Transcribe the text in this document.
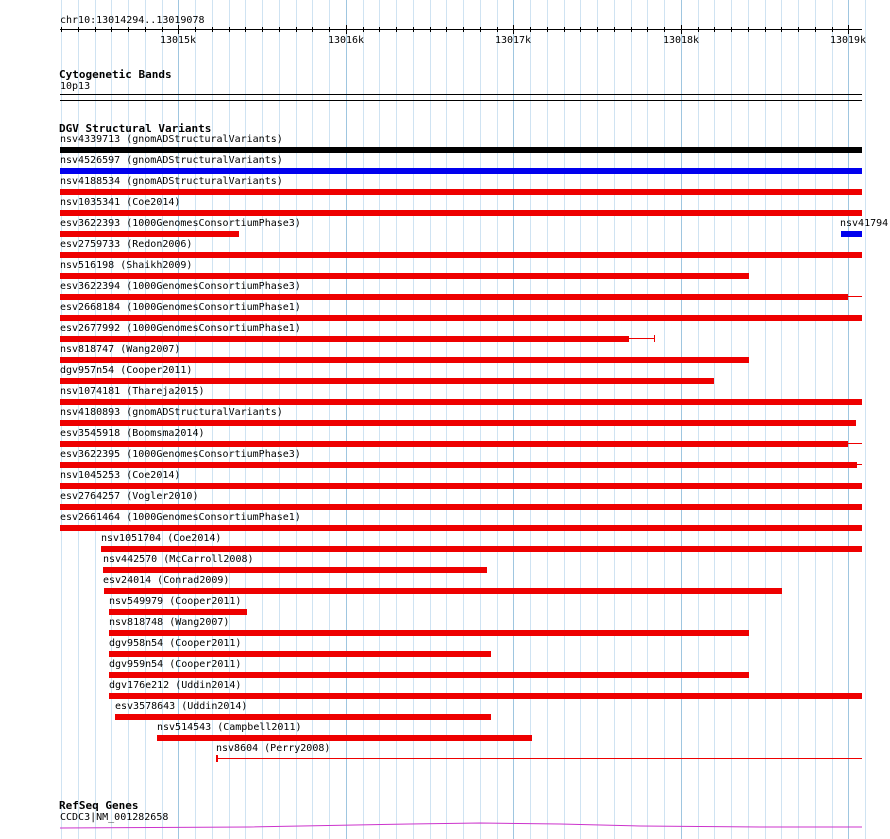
chr10:13014294..13019078
13015k	13016k	13017k	13018k	13019k
Cytogenetic Bands
10p13
DGV Structural Variants
nsv4339713 (gnomADStructuralVariants)
nsv4526597 (gnomADStructuralVariants)
nsv4188534 (gnomADStructuralVariants)
nsv1035341 (Coe2014)
esv3622393 (1000GenomesConsortiumPhase3)
esv2759733 (Redon2006)
nsv516198 (Shaikh2009)
esv3622394 (1000GenomesConsortiumPhase3)
esv2668184 (1000GenomesConsortiumPhase1)
esv2677992 (1000GenomesConsortiumPhase1)
nsv818747 (Wang2007)
dgv957n54 (Cooper2011)
nsv1074181 (Thareja2015)
nsv4180893 (gnomADStructuralVariants)
esv3545918 (Boomsma2014)
esv3622395 (1000GenomesConsortiumPhase3)
nsv1045253 (Coe2014)
esv2764257 (Vogler2010)
esv2661464 (1000GenomesConsortiumPhase1)
nsv1051704 (Coe2014)
nsv442570 (McCarroll2008)
esv24014 (Conrad2009)
nsv549979 (Cooper2011)
nsv818748 (Wang2007)
dgv958n54 (Cooper2011)
dgv959n54 (Cooper2011)
dgv176e212 (Uddin2014)
esv3578643 (Uddin2014)
nsv514543 (Campbell2011)
nsv8604 (Perry2008)
nsv41794
RefSeq Genes
CCDC3|NM_001282658
